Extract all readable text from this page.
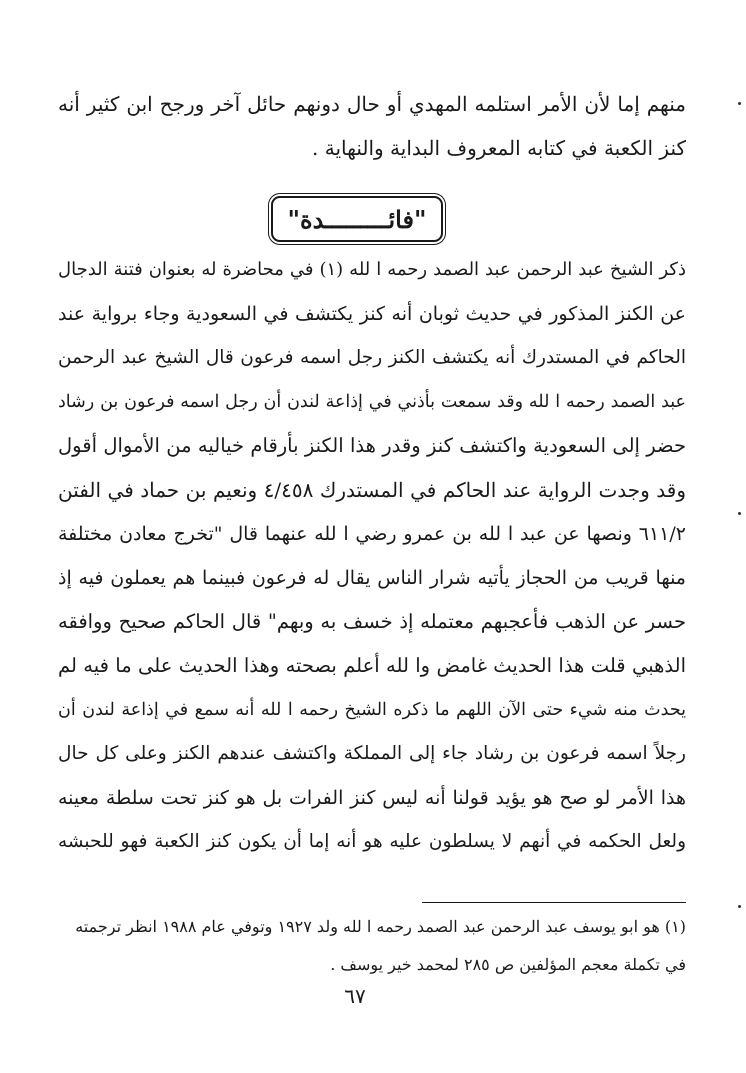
منهم إما لأن الأمر استلمه المهدي أو حال دونهم حائل آخر ورجح ابن كثير أنه
كنز الكعبة في كتابه المعروف البداية والنهاية .
"فائـــــــــدة"
ذكر الشيخ عبد الرحمن عبد الصمد رحمه ا لله (١) في محاضرة له بعنوان فتنة الدجال
عن الكنز المذكور في حديث ثوبان أنه كنز يكتشف في السعودية وجاء برواية عند
الحاكم في المستدرك أنه يكتشف الكنز رجل اسمه فرعون قال الشيخ عبد الرحمن
عبد الصمد رحمه ا لله وقد سمعت بأذني في إذاعة لندن أن رجل اسمه فرعون بن رشاد
حضر إلى السعودية واكتشف كنز وقدر هذا الكنز بأرقام خياليه من الأموال أقول
وقد وجدت الرواية عند الحاكم في المستدرك ٤/٤٥٨ ونعيم بن حماد في الفتن
٦١١/٢ ونصها عن عبد ا لله بن عمرو رضي ا لله عنهما قال "تخرج معادن مختلفة
منها قريب من الحجاز يأتيه شرار الناس يقال له فرعون فبينما هم يعملون فيه إذ
حسر عن الذهب فأعجبهم معتمله إذ خسف به وبهم" قال الحاكم صحيح ووافقه
الذهبي قلت هذا الحديث غامض وا لله أعلم بصحته وهذا الحديث على ما فيه لم
يحدث منه شيء حتى الآن اللهم ما ذكره الشيخ رحمه ا لله أنه سمع في إذاعة لندن أن
رجلاً اسمه فرعون بن رشاد جاء إلى المملكة واكتشف عندهم الكنز وعلى كل حال
هذا الأمر لو صح هو يؤيد قولنا أنه ليس كنز الفرات بل هو كنز تحت سلطة معينه
ولعل الحكمه في أنهم لا يسلطون عليه هو أنه إما أن يكون كنز الكعبة فهو للحبشه
(١) هو ابو يوسف عبد الرحمن عبد الصمد رحمه ا لله ولد ١٩٢٧ وتوفي عام ١٩٨٨ انظر ترجمته
في تكملة معجم المؤلفين ص ٢٨٥ لمحمد خير يوسف .
٦٧
